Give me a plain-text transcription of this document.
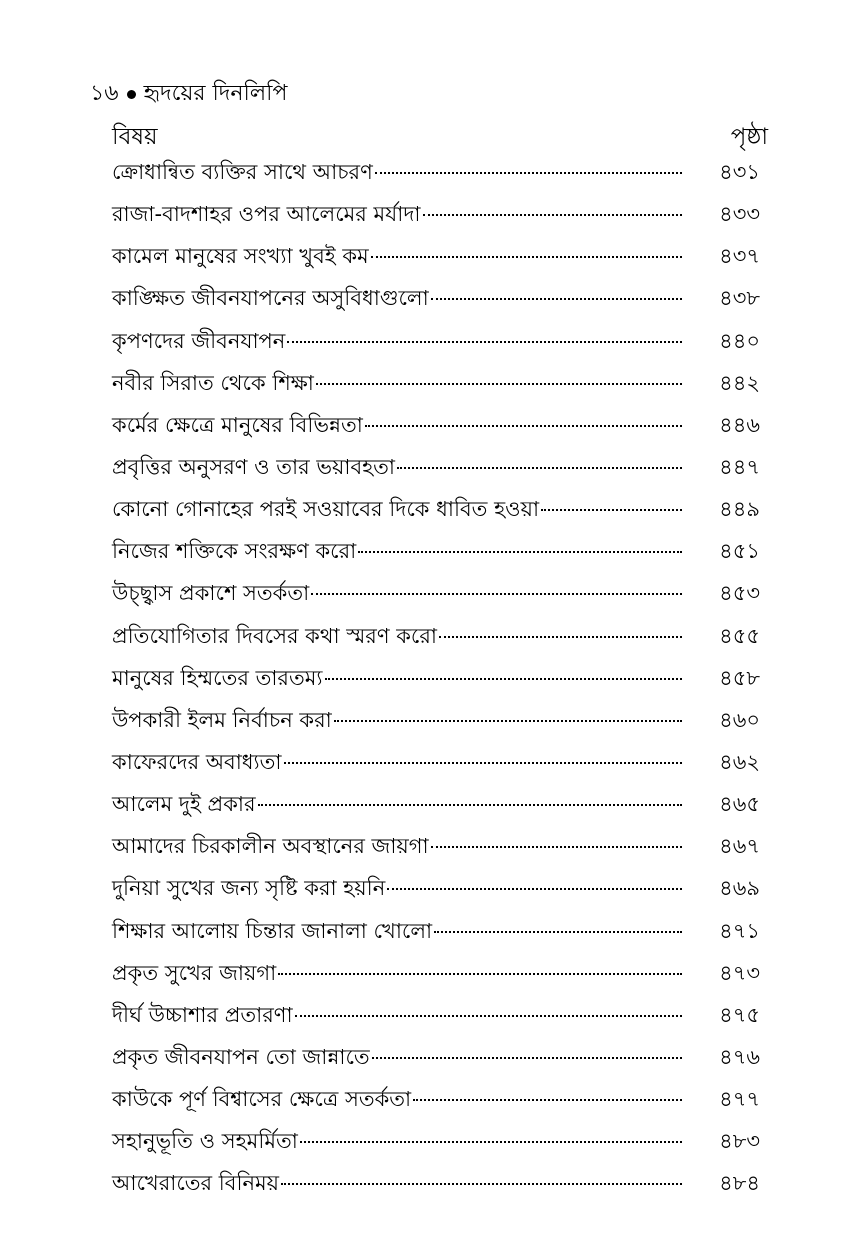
১৬ হৃদয়ের দিনলিপি
বিষয়	পৃষ্ঠা
ক্রোধান্বিত ব্যক্তির সাথে আচরণ	৪৩১
রাজা-বাদশাহর ওপর আলেমের মর্যাদা	৪৩৩
কামেল মানুষের সংখ্যা খুবই কম	৪৩৭
কাঙ্ক্ষিত জীবনযাপনের অসুবিধাগুলো	৪৩৮
কৃপণদের জীবনযাপন	৪৪০
নবীর সিরাত থেকে শিক্ষা	৪৪২
কর্মের ক্ষেত্রে মানুষের বিভিন্নতা	৪৪৬
প্রবৃত্তির অনুসরণ ও তার ভয়াবহতা	৪৪৭
কোনো গোনাহের পরই সওয়াবের দিকে ধাবিত হওয়া	৪৪৯
নিজের শক্তিকে সংরক্ষণ করো	৪৫১
উচ্ছ্বাস প্রকাশে সতর্কতা	৪৫৩
প্রতিযোগিতার দিবসের কথা স্মরণ করো	৪৫৫
মানুষের হিম্মতের তারতম্য	৪৫৮
উপকারী ইলম নির্বাচন করা	৪৬০
কাফেরদের অবাধ্যতা	৪৬২
আলেম দুই প্রকার	৪৬৫
আমাদের চিরকালীন অবস্থানের জায়গা	৪৬৭
দুনিয়া সুখের জন্য সৃষ্টি করা হয়নি	৪৬৯
শিক্ষার আলোয় চিন্তার জানালা খোলো	৪৭১
প্রকৃত সুখের জায়গা	৪৭৩
দীর্ঘ উচ্চাশার প্রতারণা	৪৭৫
প্রকৃত জীবনযাপন তো জান্নাতে	৪৭৬
কাউকে পূর্ণ বিশ্বাসের ক্ষেত্রে সতর্কতা	৪৭৭
সহানুভূতি ও সহমর্মিতা	৪৮৩
আখেরাতের বিনিময়	৪৮৪
